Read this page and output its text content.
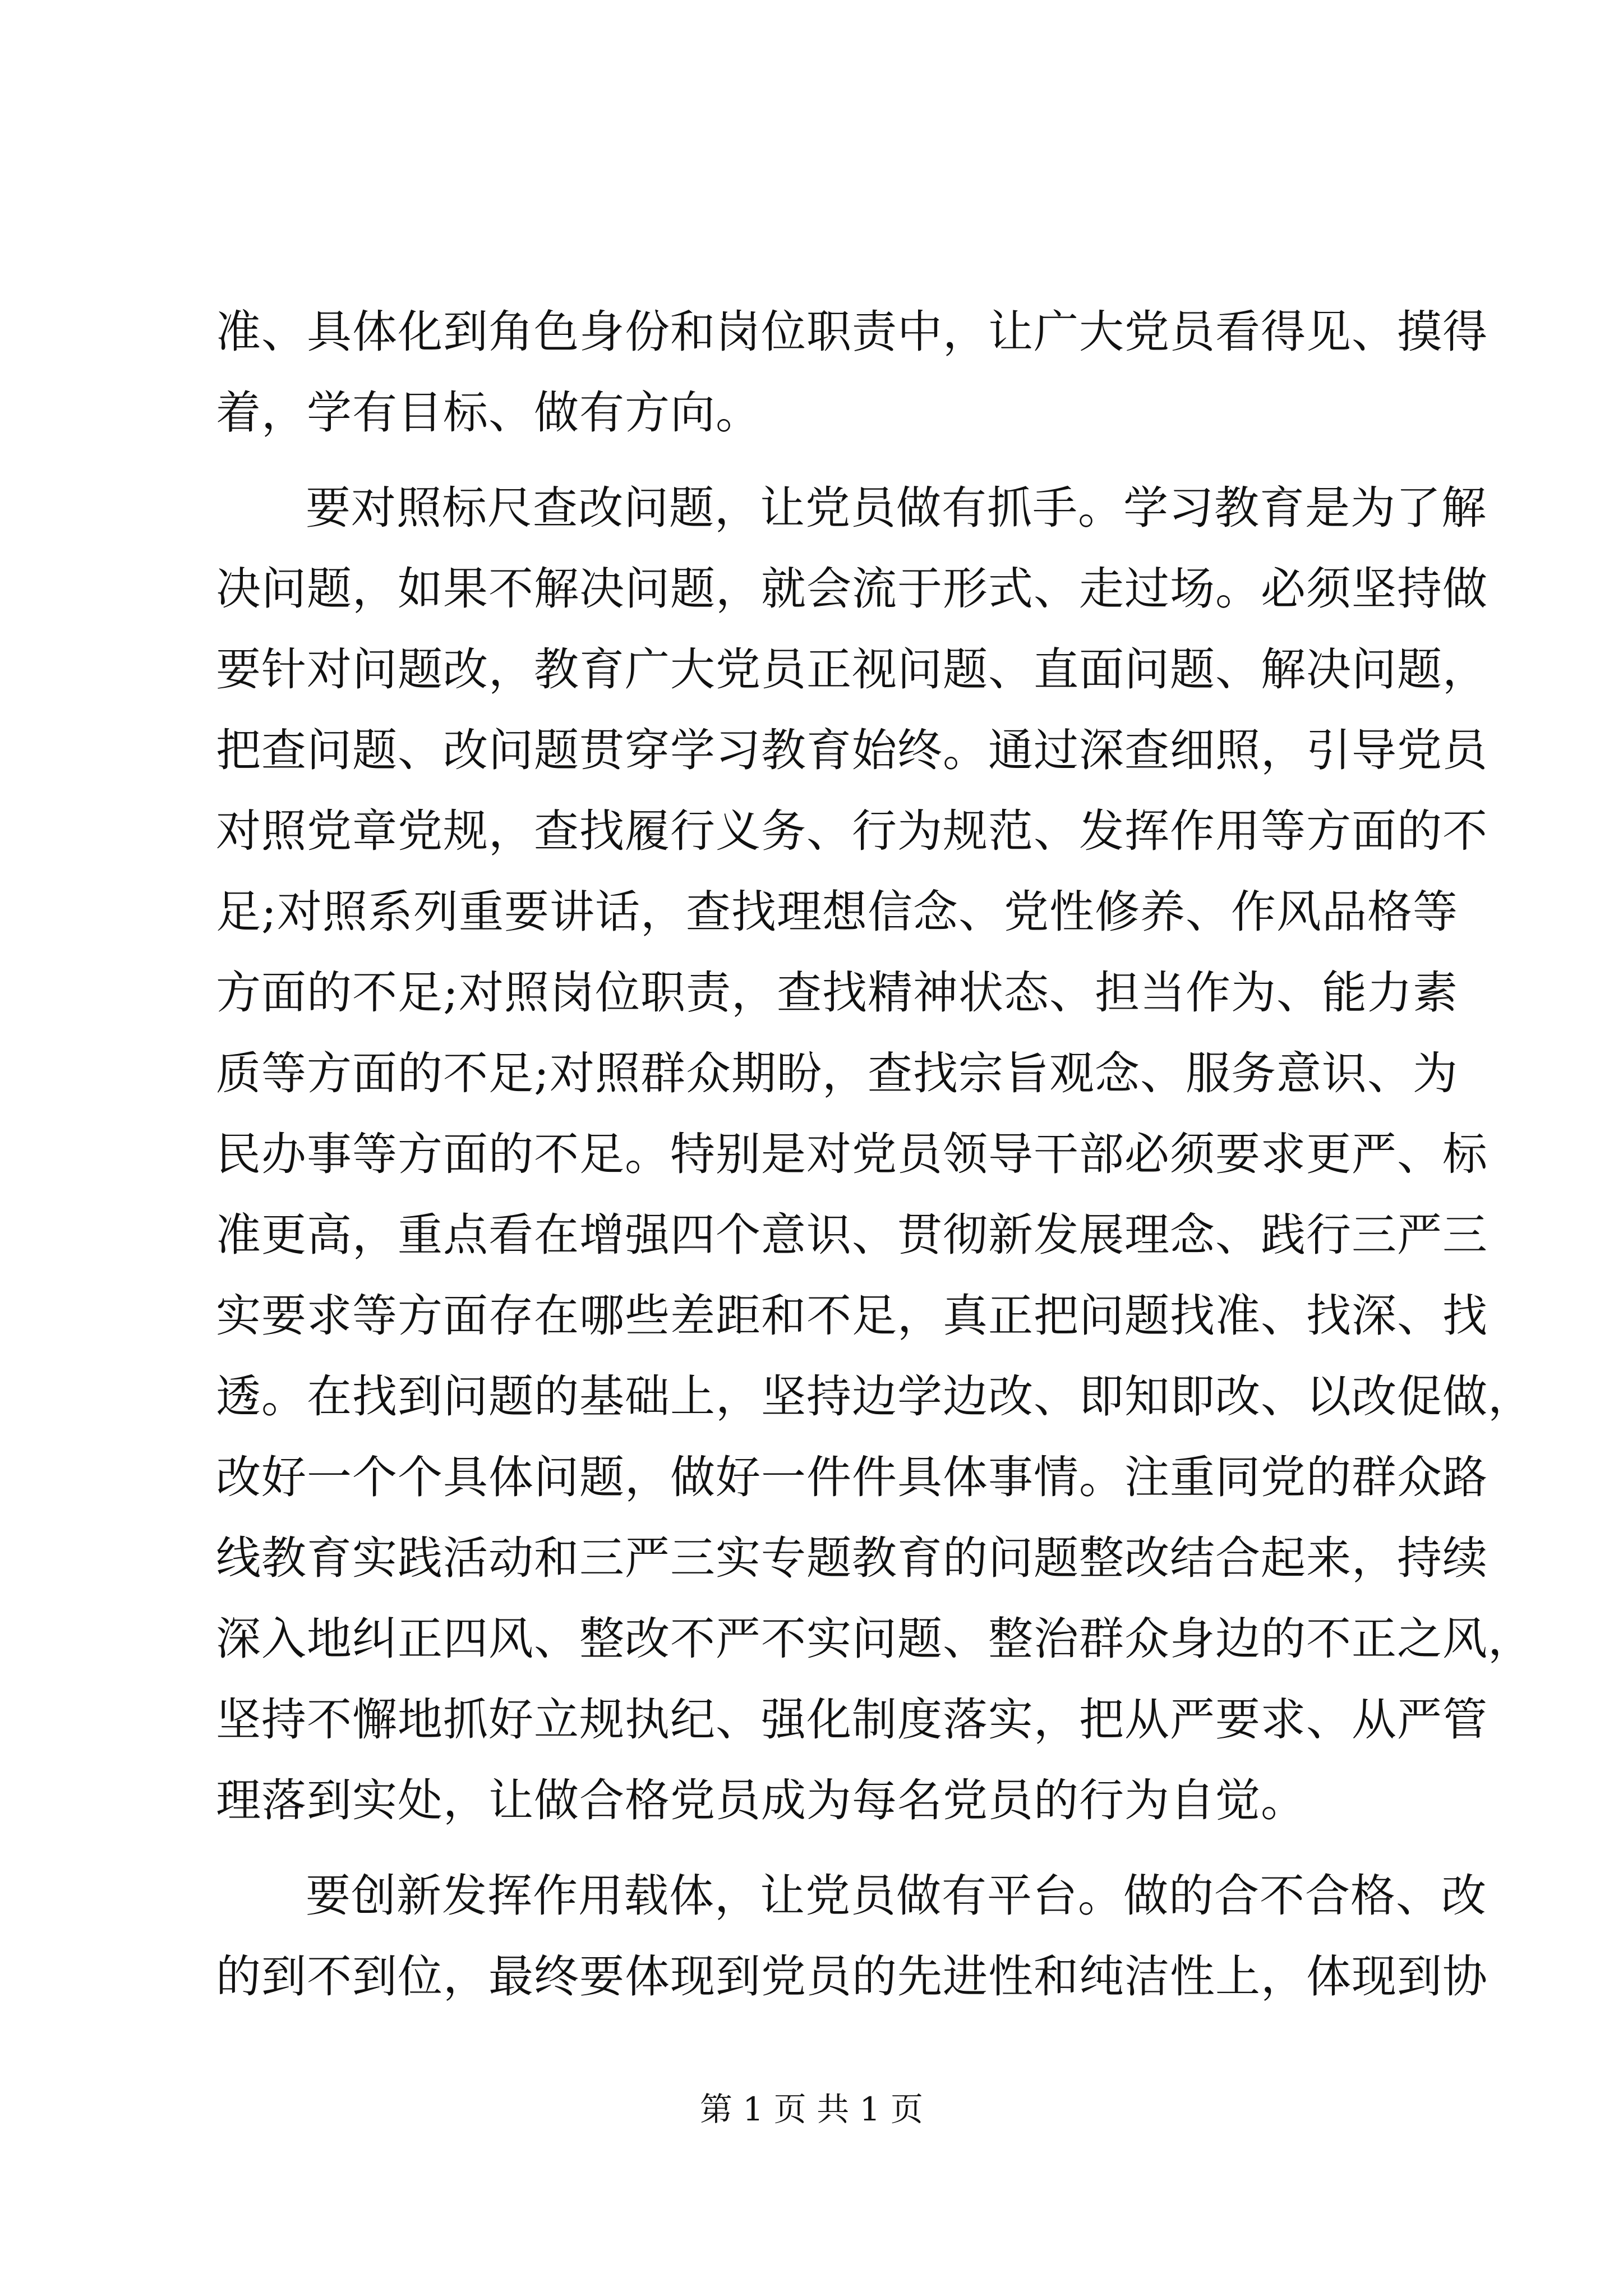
准、具体化到角色身份和岗位职责中，让广大党员看得见、摸得
着，学有目标、做有方向。
要对照标尺查改问题，让党员做有抓手。学习教育是为了解
决问题，如果不解决问题，就会流于形式、走过场。必须坚持做
要针对问题改，教育广大党员正视问题、直面问题、解决问题，
把查问题、改问题贯穿学习教育始终。通过深查细照，引导党员
对照党章党规，查找履行义务、行为规范、发挥作用等方面的不
足;对照系列重要讲话，查找理想信念、党性修养、作风品格等
方面的不足;对照岗位职责，查找精神状态、担当作为、能力素
质等方面的不足;对照群众期盼，查找宗旨观念、服务意识、为
民办事等方面的不足。特别是对党员领导干部必须要求更严、标
准更高，重点看在增强四个意识、贯彻新发展理念、践行三严三
实要求等方面存在哪些差距和不足，真正把问题找准、找深、找
透。在找到问题的基础上，坚持边学边改、即知即改、以改促做，
改好一个个具体问题，做好一件件具体事情。注重同党的群众路
线教育实践活动和三严三实专题教育的问题整改结合起来，持续
深入地纠正四风、整改不严不实问题、整治群众身边的不正之风，
坚持不懈地抓好立规执纪、强化制度落实，把从严要求、从严管
理落到实处，让做合格党员成为每名党员的行为自觉。
要创新发挥作用载体，让党员做有平台。做的合不合格、改
的到不到位，最终要体现到党员的先进性和纯洁性上，体现到协
第 1 页 共 1 页
